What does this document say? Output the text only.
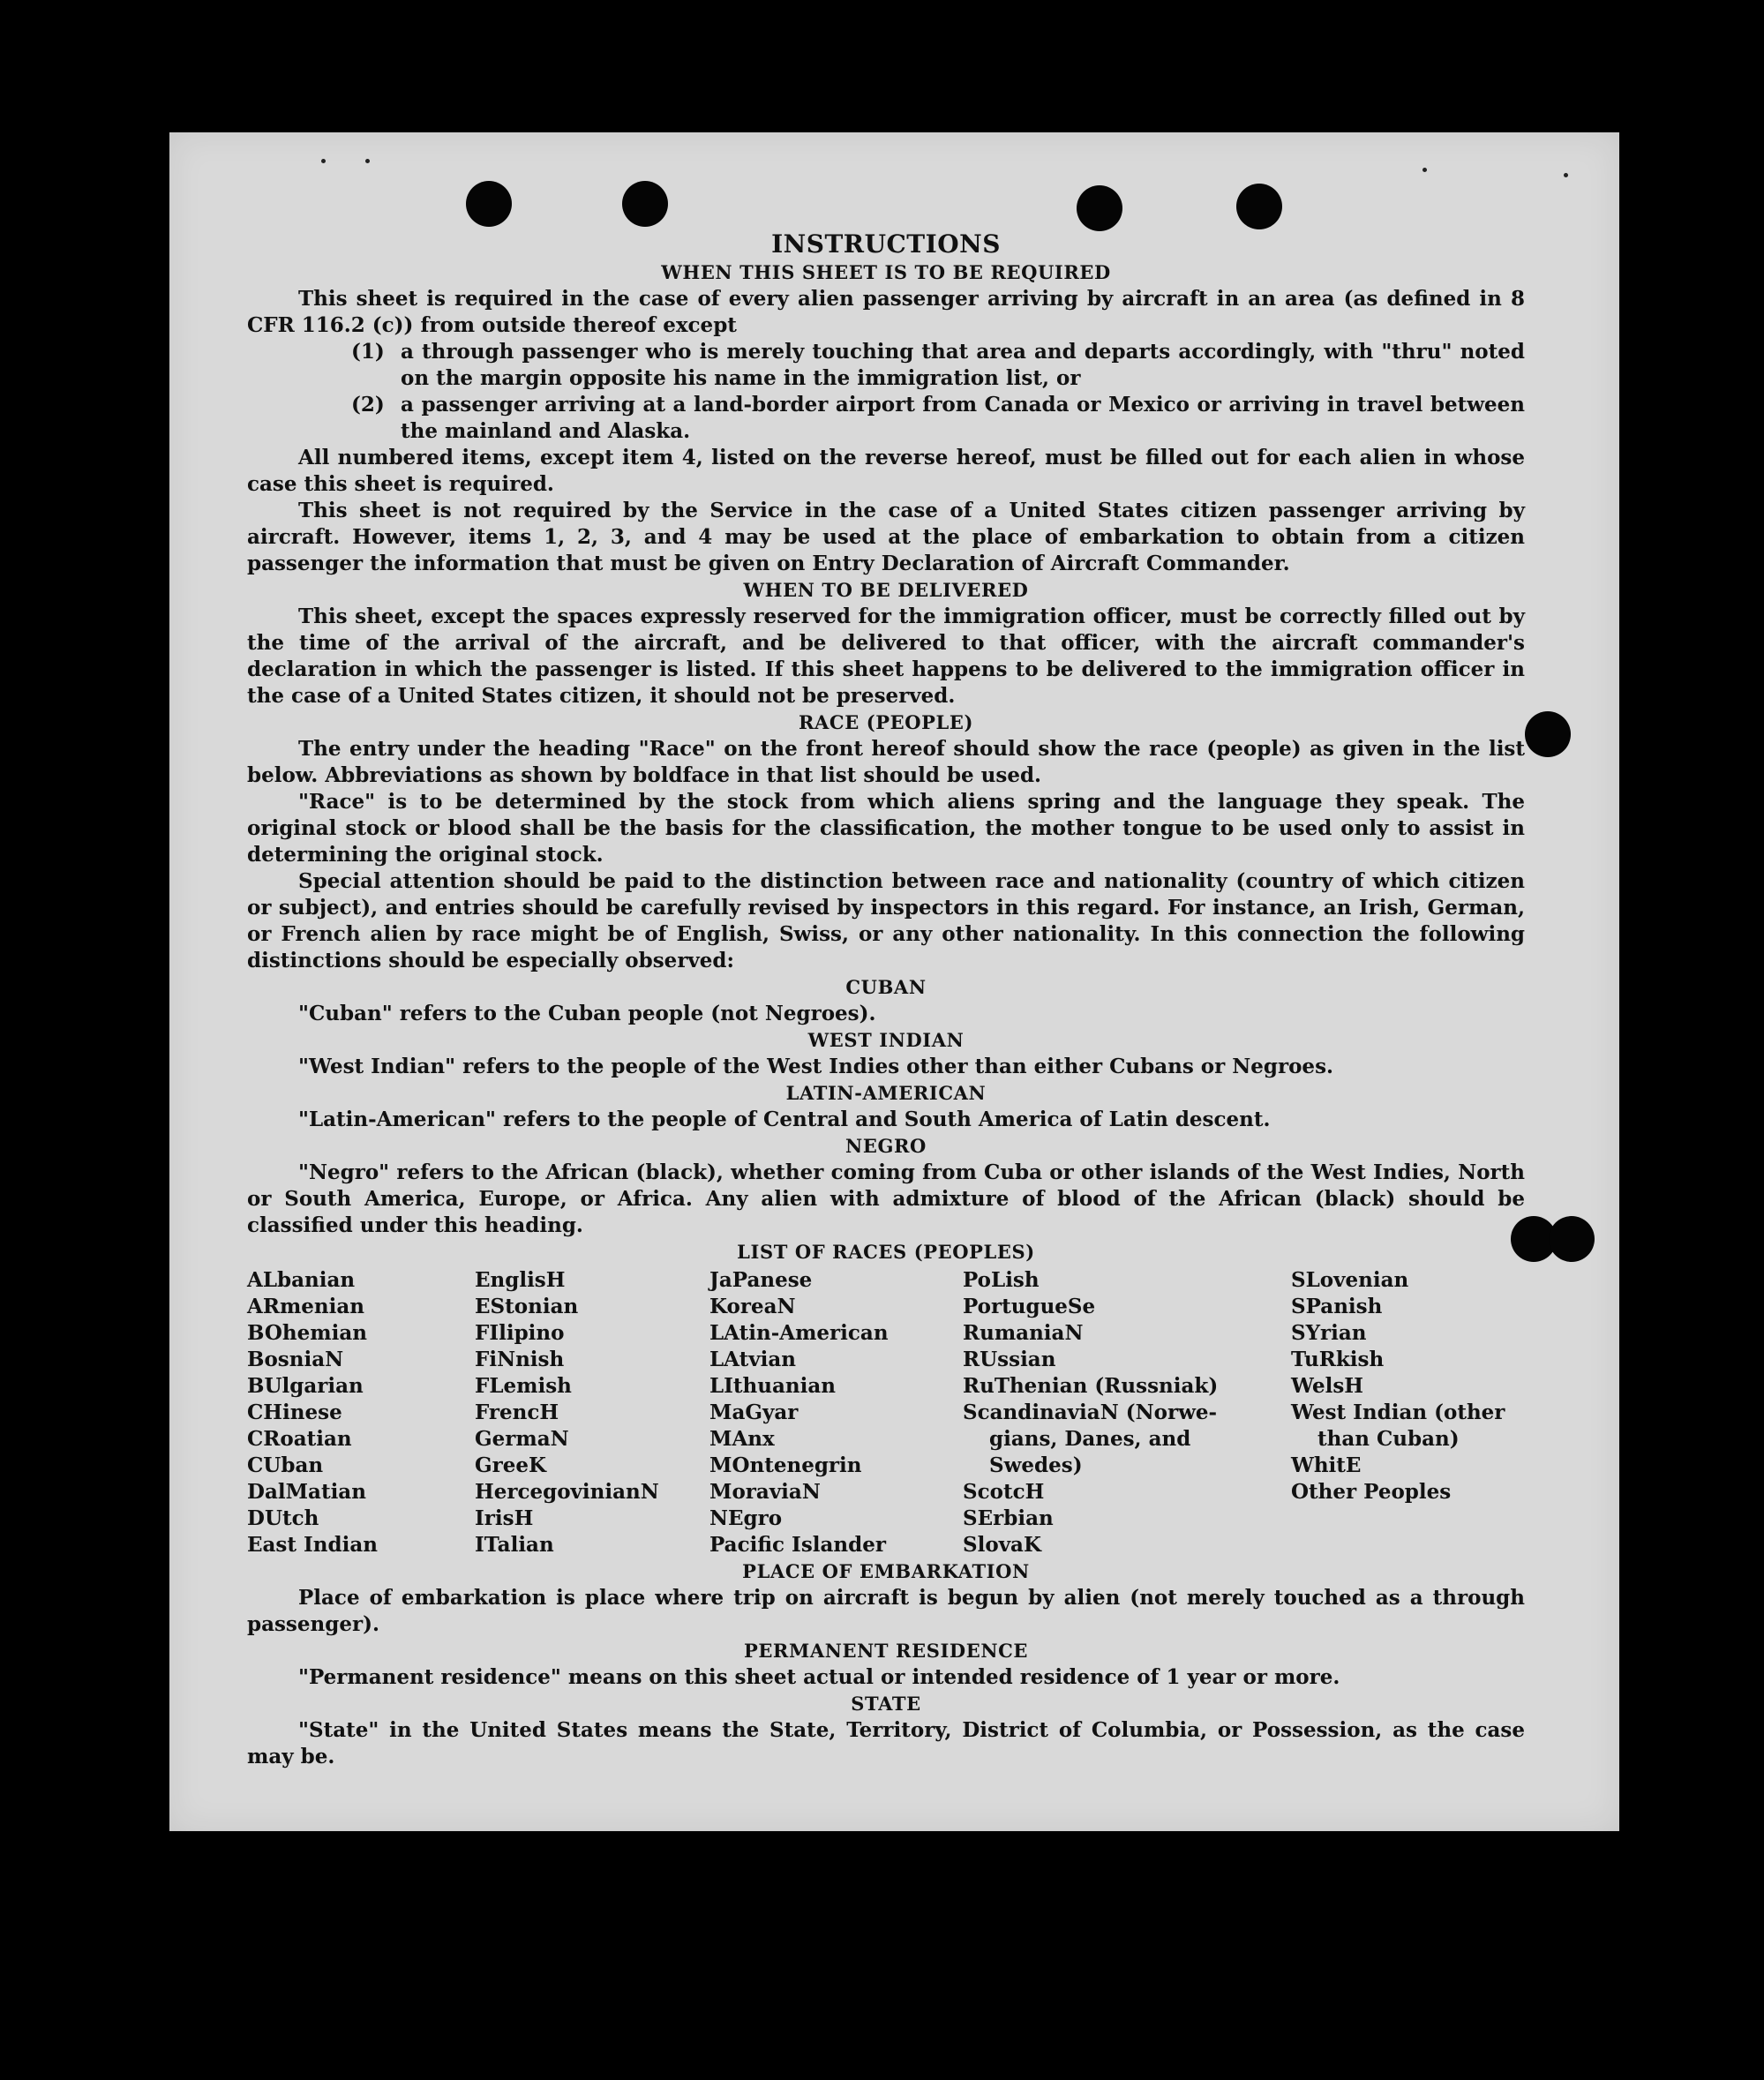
INSTRUCTIONS
WHEN THIS SHEET IS TO BE REQUIRED

This sheet is required in the case of every alien passenger arriving by aircraft in an area (as defined in 8 CFR 116.2 (c)) from outside thereof except

(1) a through passenger who is merely touching that area and departs accordingly, with "thru" noted on the margin opposite his name in the immigration list, or
(2) a passenger arriving at a land-border airport from Canada or Mexico or arriving in travel between the mainland and Alaska.

All numbered items, except item 4, listed on the reverse hereof, must be filled out for each alien in whose case this sheet is required.

This sheet is not required by the Service in the case of a United States citizen passenger arriving by aircraft. However, items 1, 2, 3, and 4 may be used at the place of embarkation to obtain from a citizen passenger the information that must be given on Entry Declaration of Aircraft Commander.

WHEN TO BE DELIVERED

This sheet, except the spaces expressly reserved for the immigration officer, must be correctly filled out by the time of the arrival of the aircraft, and be delivered to that officer, with the aircraft commander's declaration in which the passenger is listed. If this sheet happens to be delivered to the immigration officer in the case of a United States citizen, it should not be preserved.

RACE (PEOPLE)

The entry under the heading "Race" on the front hereof should show the race (people) as given in the list below. Abbreviations as shown by boldface in that list should be used.

"Race" is to be determined by the stock from which aliens spring and the language they speak. The original stock or blood shall be the basis for the classification, the mother tongue to be used only to assist in determining the original stock.

Special attention should be paid to the distinction between race and nationality (country of which citizen or subject), and entries should be carefully revised by inspectors in this regard. For instance, an Irish, German, or French alien by race might be of English, Swiss, or any other nationality. In this connection the following distinctions should be especially observed:

CUBAN

"Cuban" refers to the Cuban people (not Negroes).

WEST INDIAN

"West Indian" refers to the people of the West Indies other than either Cubans or Negroes.

LATIN-AMERICAN

"Latin-American" refers to the people of Central and South America of Latin descent.

NEGRO

"Negro" refers to the African (black), whether coming from Cuba or other islands of the West Indies, North or South America, Europe, or Africa. Any alien with admixture of blood of the African (black) should be classified under this heading.

LIST OF RACES (PEOPLES)
ALbanian
ARmenian
BOhemian
BosniaN
BUlgarian
CHinese
CRoatian
CUban
DalMatian
DUtch
East Indian
EnglisH
EStonian
FIlipino
FiNnish
FLemish
FrencH
GermaN
GreeK
HercegovinianN
IrisH
ITalian
JaPanese
KoreaN
LAtin-American
LAtvian
LIthuanian
MaGyar
MAnx
MOntenegrin
MoraviaN
NEgro
Pacific Islander
PoLish
PortugueSe
RumaniaN
RUssian
RuThenian (Russniak)
ScandinaviaN (Norwe-
gians, Danes, and
Swedes)
ScotcH
SErbian
SlovaK
SLovenian
SPanish
SYrian
TuRkish
WelsH
West Indian (other
than Cuban)
WhitE
Other Peoples
PLACE OF EMBARKATION

Place of embarkation is place where trip on aircraft is begun by alien (not merely touched as a through passenger).

PERMANENT RESIDENCE

"Permanent residence" means on this sheet actual or intended residence of 1 year or more.

STATE

"State" in the United States means the State, Territory, District of Columbia, or Possession, as the case may be.
